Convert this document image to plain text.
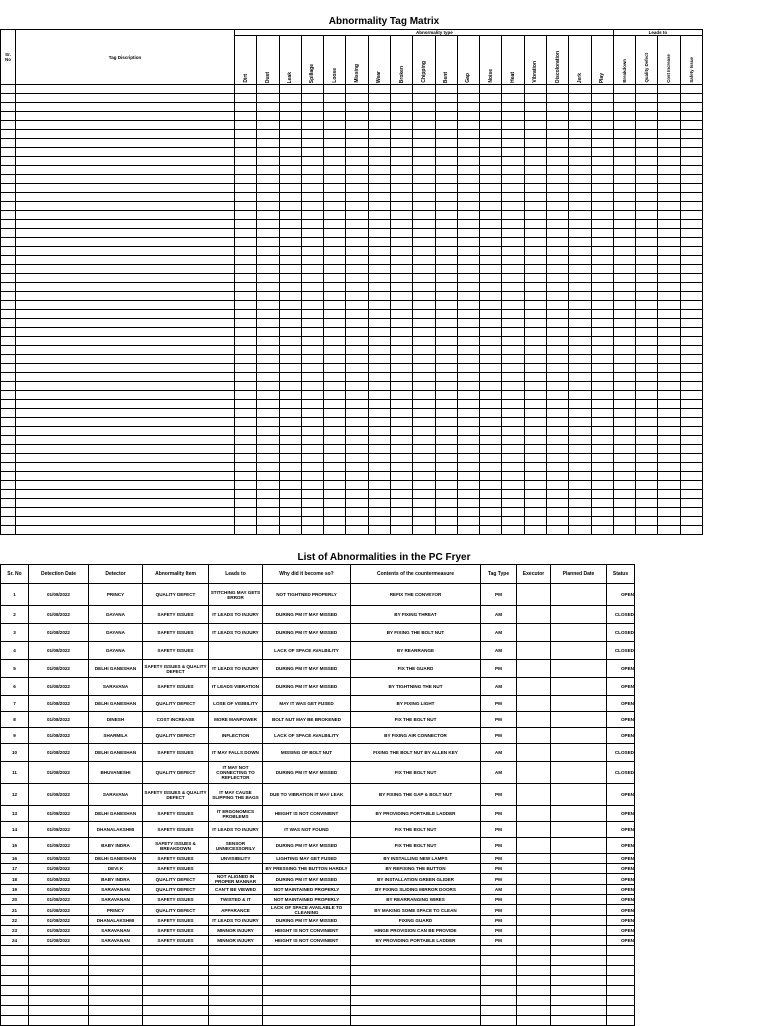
Abnormality Tag Matrix
Sr.
No	Tag Discription	Abnormality type																	Leads to			
		Dirt	Dust	Leak	Spillage	Loose	Missing	Wear	Broken	Chipping	Bent	Gap	Noise	Heat	Vibration	Discoloration	Jerk	Play	Breakdown	Quality Defect	Cost Increase	Safety Issue

List of Abnormalities in the PC Fryer
Sr. No	Detection Date	Detector	Abnormality Item	Leads to	Why did it become so?	Contents of the countermeasure	Tag Type	Executor	Planned Date	Status
1	01/08/2022	PRINCY	QUALITY DEFECT	STITCHING MAY GETS ERROR	NOT TIGHTNED PROPERLY	REFIX THE CONVEYOR	PM			OPEN
2	01/08/2022	DAYANA	SAFETY ISSUES	IT LEADS TO INJURY	DURING PM IT MAY MISSED	BY FIXING THREAT	AM			CLOSED
3	01/08/2022	DAYANA	SAFETY ISSUES	IT LEADS TO INJURY	DURING PM IT MAY MISSED	BY FIXING THE BOLT NUT	AM			CLOSED
4	01/08/2022	DAYANA	SAFETY ISSUES		LACK OF SPACE AVALBILITY	BY REARRANGE	AM			CLOSED
5	01/08/2022	DELHI GANESHAN	SAFETY ISSUES & QUALITY DEFECT	IT LEADS TO INJURY	DURING PM IT MAY MISSED	FIX THE GUARD	PM			OPEN
6	01/08/2022	SARAVANA	SAFETY ISSUES	IT LEADS VIBRATION	DURING PM IT MAY MISSED	BY TIGHTNING THE NUT	AM			OPEN
7	01/08/2022	DELHI GANESHAN	QUALITY DEFECT	LOSE OF VISIBILITY	MAY IT WAS GET FUSED	BY FIXING LIGHT	PM			OPEN
8	01/08/2022	DINESH	COST INCREASE	MORE MANPOWER	BOLT NUT MAY BE BROKENED	FIX THE BOLT NUT	PM			OPEN
9	01/08/2022	SHARMILA	QUALITY DEFECT	INFLECTION	LACK OF SPACE AVALBILITY	BY FIXING AIR CONNECTOR	PM			OPEN
10	01/08/2022	DELHI GANESHAN	SAFETY ISSUES	IT MAY FALLS DOWN	MISSING OF BOLT NUT	FIXING THE BOLT NUT BY ALLEN KEY	AM			CLOSED
11	01/08/2022	BHUVANESHI	QUALITY DEFECT	IT MAY NOT CONNECTING TO REFLECTOR	DURING PM IT MAY MISSED	FIX THE BOLT NUT	AM			CLOSED
12	01/08/2022	SARAVANA	SAFETY ISSUES & QUALITY DEFECT	IT MAY CAUSE SLIPPING THE BAGS	DUE TO VIBRATION IT MAY LEAK	BY FIXING THE GAP & BOLT NUT	PM			OPEN
13	01/08/2022	DELHI GANESHAN	SAFETY ISSUES	IT ERGONOMICS PROBLEMS	HEIGHT IS NOT CONVINIENT	BY PROVIDING PORTABLE LADDER	PM			OPEN
14	01/08/2022	DHANALAKSHMI	SAFETY ISSUES	IT LEADS TO INJURY	IT WAS NOT FOUND	FIX THE BOLT NUT	PM			OPEN
15	01/08/2022	BABY INDRA	SAFETY ISSUES & BREAKDOWN	SENSOR UNNECESSORILY	DURING PM IT MAY MISSED	FIX THE BOLT NUT	PM			OPEN
16	01/08/2022	DELHI GANESHAN	SAFETY ISSUES	UNVISIBILITY	LIGHTING MAY GET FUSED	BY INSTALLING NEW LAMPS	PM			OPEN
17	01/08/2022	DEVI K	SAFETY ISSUES		BY PRESSING THE BUTTON HARDLY	BY REFIXING THE BUTTON	PM			OPEN
18	01/08/2022	BABY INDRA	QUALITY DEFECT	NOT ALIGNED IN PROPER MANNAR	DURING PM IT MAY MISSED	BY INSTALLATION GREEN GLIDER	PM			OPEN
19	01/08/2022	SARAVANAN	QUALITY DEFECT	CAN'T BE VIEWED	NOT MAINTAINED PROPERLY	BY FIXING SLIDING MIRROR DOORS	AM			OPEN
20	01/08/2022	SARAVANAN	SAFETY ISSUES	TWISTED & IT	NOT MAINTAINED PROPERLY	BY REARRANGING WIRES	PM			OPEN
21	01/08/2022	PRINCY	QUALITY DEFECT	APPARANCE	LACK OF SPACE AVAILABLE TO CLEANING	BY MAKING SOME SPACE TO CLEAN	PM			OPEN
22	01/08/2022	DHANALAKSHMI	SAFETY ISSUES	IT LEADS TO INJURY	DURING PM IT MAY MISSED	FIXING GUARD	PM			OPEN
23	01/08/2022	SARAVANAN	SAFETY ISSUES	MINNOR INJURY	HEIGHT IS NOT CONVINIENT	HINGE PROVISION CAN BE PROVIDE	PM			OPEN
24	01/08/2022	SARAVANAN	SAFETY ISSUES	MINNOR INJURY	HEIGHT IS NOT CONVINIENT	BY PROVIDING PORTABLE LADDER	PM			OPEN
